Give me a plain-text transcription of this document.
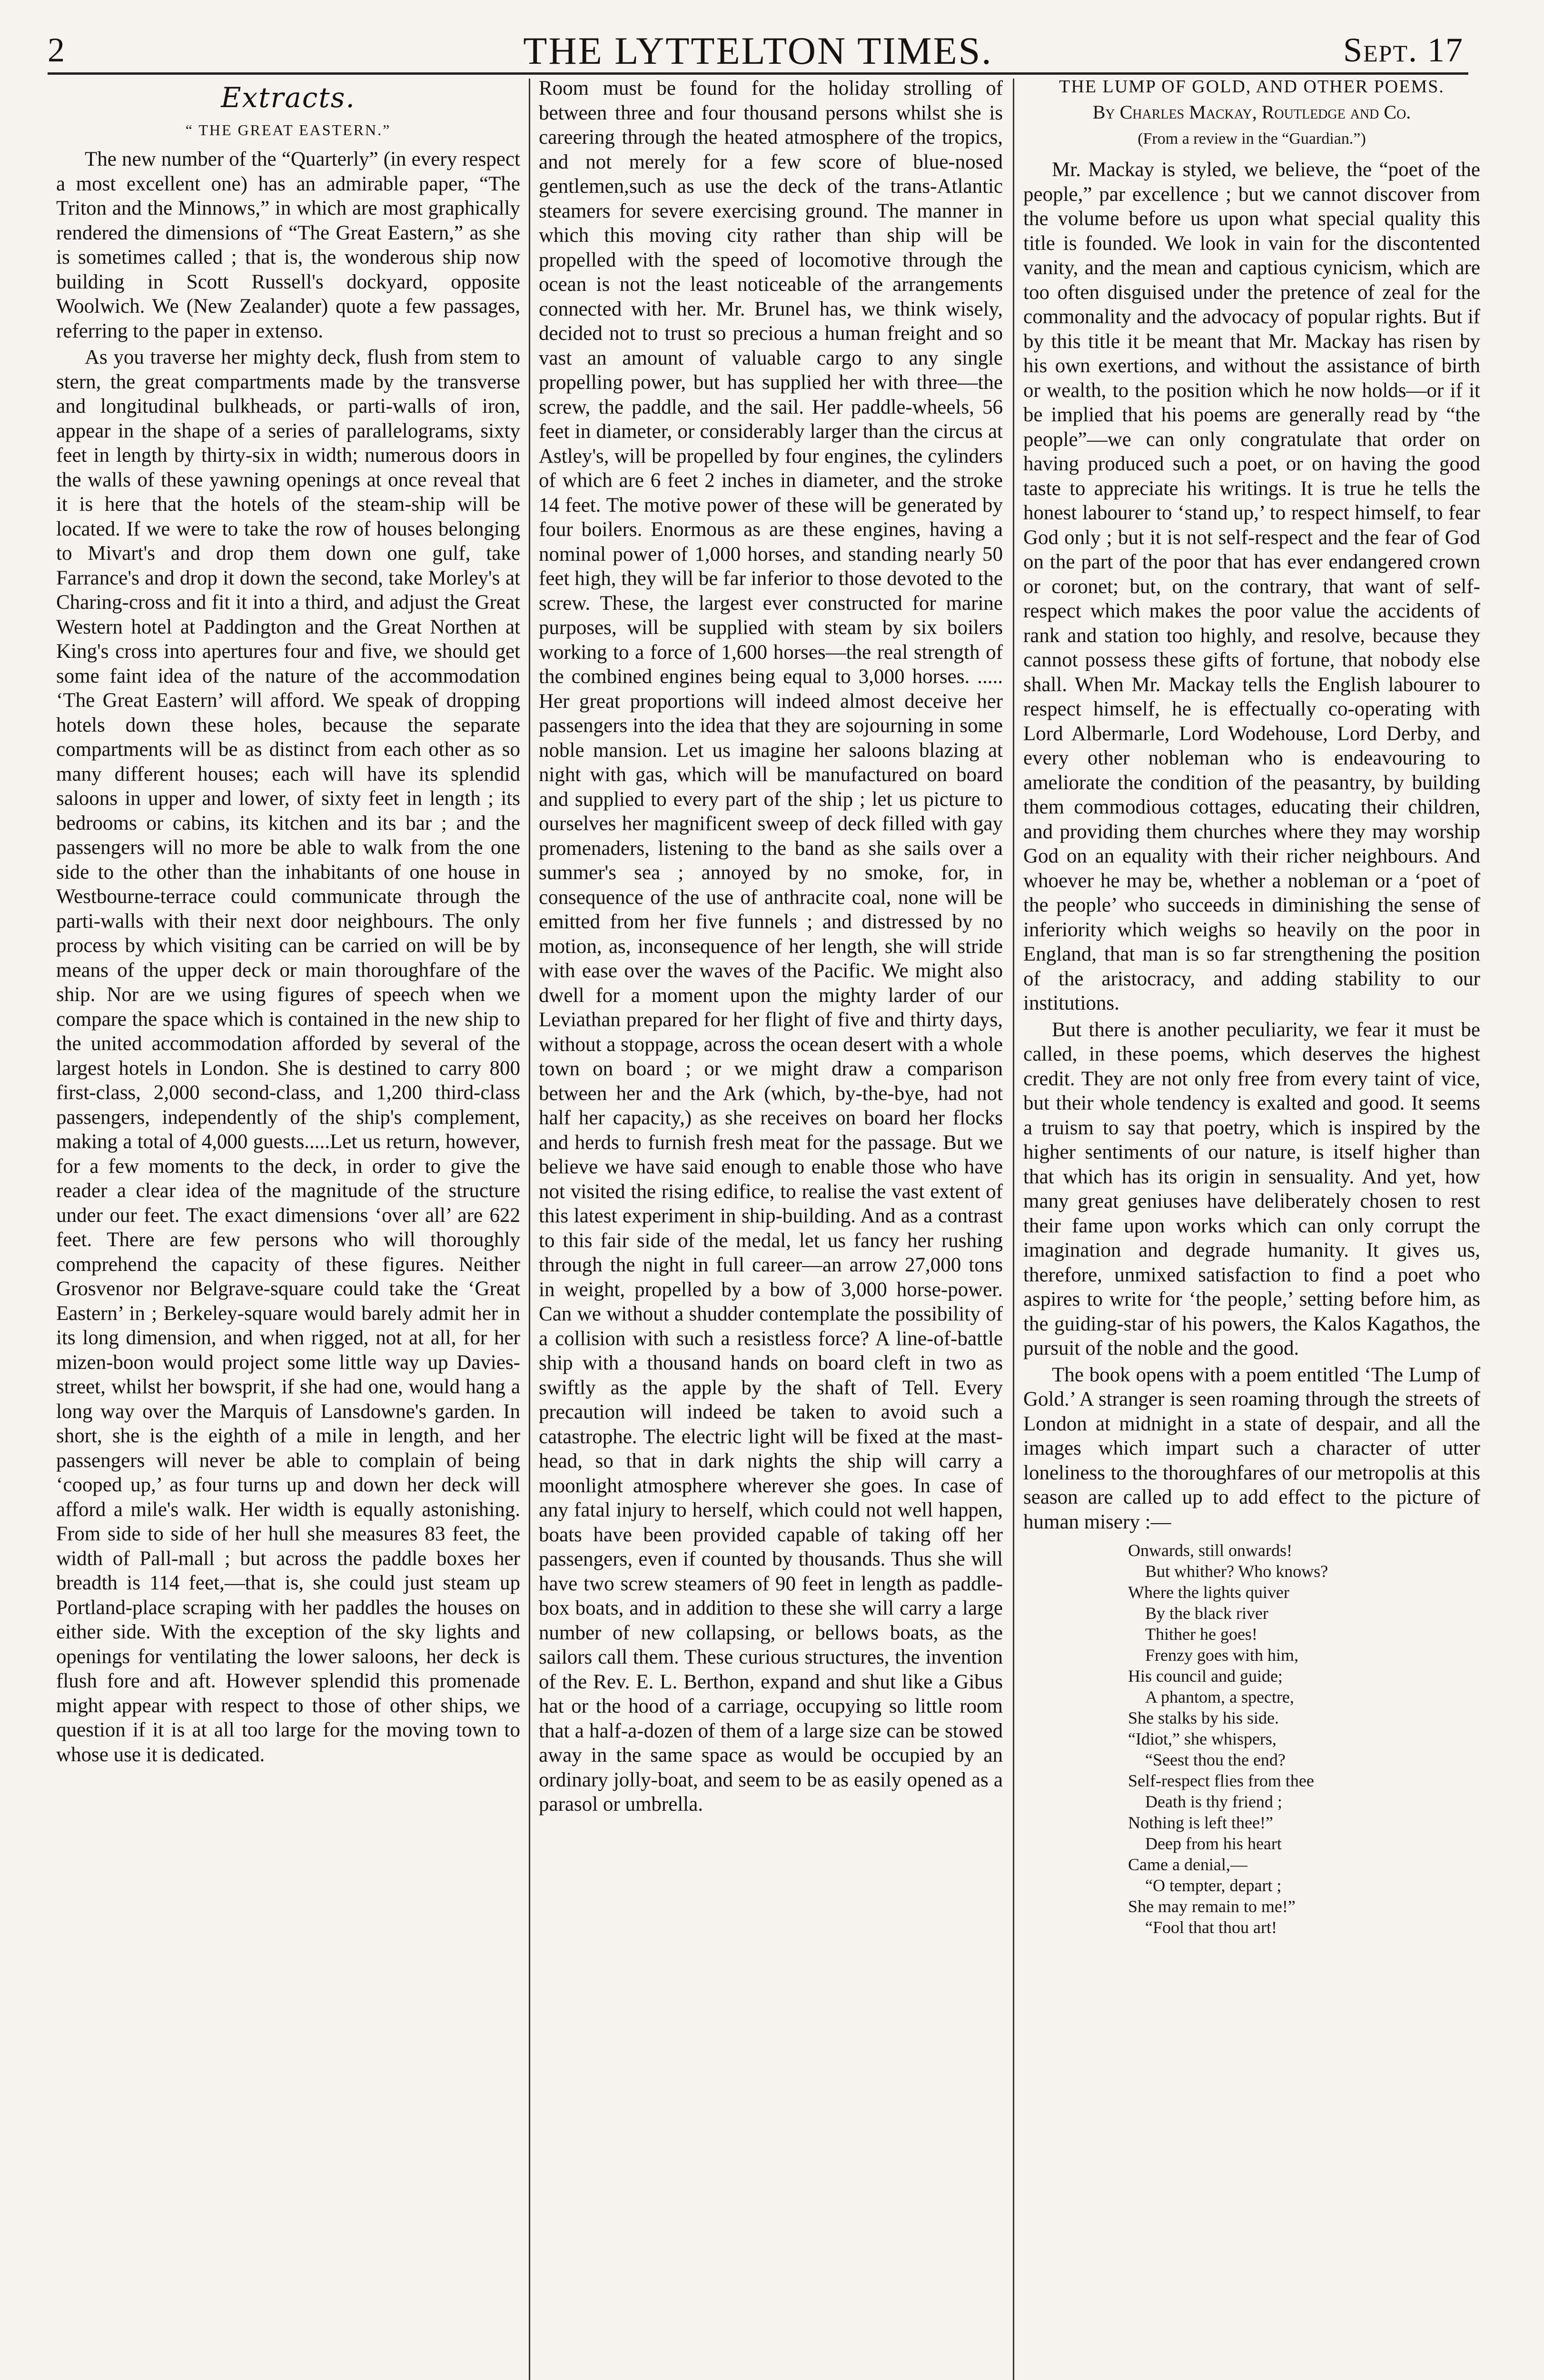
2	THE LYTTELTON TIMES.	Sept. 17
Extracts.
“ THE GREAT EASTERN.”

The new number of the “Quarterly” (in every respect a most excellent one) has an admirable paper, “The Triton and the Minnows,” in which are most graphically rendered the dimensions of “The Great Eastern,” as she is sometimes called ; that is, the wonderous ship now building in Scott Russell's dockyard, opposite Woolwich. We (New Zealander) quote a few passages, referring to the paper in extenso.

As you traverse her mighty deck, flush from stem to stern, the great compartments made by the transverse and longitudinal bulkheads, or parti-walls of iron, appear in the shape of a series of parallelograms, sixty feet in length by thirty-six in width; numerous doors in the walls of these yawning openings at once reveal that it is here that the hotels of the steam-ship will be located. If we were to take the row of houses belonging to Mivart's and drop them down one gulf, take Farrance's and drop it down the second, take Morley's at Charing-cross and fit it into a third, and adjust the Great Western hotel at Paddington and the Great Northen at King's cross into apertures four and five, we should get some faint idea of the nature of the accommodation ‘The Great Eastern’ will afford. We speak of dropping hotels down these holes, because the separate compartments will be as distinct from each other as so many different houses; each will have its splendid saloons in upper and lower, of sixty feet in length ; its bedrooms or cabins, its kitchen and its bar ; and the passengers will no more be able to walk from the one side to the other than the inhabitants of one house in Westbourne-terrace could communicate through the parti-walls with their next door neighbours. The only process by which visiting can be carried on will be by means of the upper deck or main thoroughfare of the ship. Nor are we using figures of speech when we compare the space which is contained in the new ship to the united accommodation afforded by several of the largest hotels in London. She is destined to carry 800 first-class, 2,000 second-class, and 1,200 third-class passengers, independently of the ship's complement, making a total of 4,000 guests.....Let us return, however, for a few moments to the deck, in order to give the reader a clear idea of the magnitude of the structure under our feet. The exact dimensions ‘over all’ are 622 feet. There are few persons who will thoroughly comprehend the capacity of these figures. Neither Grosvenor nor Belgrave-square could take the ‘Great Eastern’ in ; Berkeley-square would barely admit her in its long dimension, and when rigged, not at all, for her mizen-boon would project some little way up Davies-street, whilst her bowsprit, if she had one, would hang a long way over the Marquis of Lansdowne's garden. In short, she is the eighth of a mile in length, and her passengers will never be able to complain of being ‘cooped up,’ as four turns up and down her deck will afford a mile's walk. Her width is equally astonishing. From side to side of her hull she measures 83 feet, the width of Pall-mall ; but across the paddle boxes her breadth is 114 feet,—that is, she could just steam up Portland-place scraping with her paddles the houses on either side. With the exception of the sky lights and openings for ventilating the lower saloons, her deck is flush fore and aft. However splendid this promenade might appear with respect to those of other ships, we question if it is at all too large for the moving town to whose use it is dedicated.

Room must be found for the holiday strolling of between three and four thousand persons whilst she is careering through the heated atmosphere of the tropics, and not merely for a few score of blue-nosed gentlemen,such as use the deck of the trans-Atlantic steamers for severe exercising ground. The manner in which this moving city rather than ship will be propelled with the speed of locomotive through the ocean is not the least noticeable of the arrangements connected with her. Mr. Brunel has, we think wisely, decided not to trust so precious a human freight and so vast an amount of valuable cargo to any single propelling power, but has supplied her with three—the screw, the paddle, and the sail. Her paddle-wheels, 56 feet in diameter, or considerably larger than the circus at Astley's, will be propelled by four engines, the cylinders of which are 6 feet 2 inches in diameter, and the stroke 14 feet. The motive power of these will be generated by four boilers. Enormous as are these engines, having a nominal power of 1,000 horses, and standing nearly 50 feet high, they will be far inferior to those devoted to the screw. These, the largest ever constructed for marine purposes, will be supplied with steam by six boilers working to a force of 1,600 horses—the real strength of the combined engines being equal to 3,000 horses. ..... Her great proportions will indeed almost deceive her passengers into the idea that they are sojourning in some noble mansion. Let us imagine her saloons blazing at night with gas, which will be manufactured on board and supplied to every part of the ship ; let us picture to ourselves her magnificent sweep of deck filled with gay promenaders, listening to the band as she sails over a summer's sea ; annoyed by no smoke, for, in consequence of the use of anthracite coal, none will be emitted from her five funnels ; and distressed by no motion, as, inconsequence of her length, she will stride with ease over the waves of the Pacific. We might also dwell for a moment upon the mighty larder of our Leviathan prepared for her flight of five and thirty days, without a stoppage, across the ocean desert with a whole town on board ; or we might draw a comparison between her and the Ark (which, by-the-bye, had not half her capacity,) as she receives on board her flocks and herds to furnish fresh meat for the passage. But we believe we have said enough to enable those who have not visited the rising edifice, to realise the vast extent of this latest experiment in ship-building. And as a contrast to this fair side of the medal, let us fancy her rushing through the night in full career—an arrow 27,000 tons in weight, propelled by a bow of 3,000 horse-power. Can we without a shudder contemplate the possibility of a collision with such a resistless force? A line-of-battle ship with a thousand hands on board cleft in two as swiftly as the apple by the shaft of Tell. Every precaution will indeed be taken to avoid such a catastrophe. The electric light will be fixed at the mast-head, so that in dark nights the ship will carry a moonlight atmosphere wherever she goes. In case of any fatal injury to herself, which could not well happen, boats have been provided capable of taking off her passengers, even if counted by thousands. Thus she will have two screw steamers of 90 feet in length as paddle-box boats, and in addition to these she will carry a large number of new collapsing, or bellows boats, as the sailors call them. These curious structures, the invention of the Rev. E. L. Berthon, expand and shut like a Gibus hat or the hood of a carriage, occupying so little room that a half-a-dozen of them of a large size can be stowed away in the same space as would be occupied by an ordinary jolly-boat, and seem to be as easily opened as a parasol or umbrella.

THE LUMP OF GOLD, AND OTHER POEMS.
By Charles Mackay, Routledge and Co.
(From a review in the “Guardian.”)

Mr. Mackay is styled, we believe, the “poet of the people,” par excellence ; but we cannot discover from the volume before us upon what special quality this title is founded. We look in vain for the discontented vanity, and the mean and captious cynicism, which are too often disguised under the pretence of zeal for the commonality and the advocacy of popular rights. But if by this title it be meant that Mr. Mackay has risen by his own exertions, and without the assistance of birth or wealth, to the position which he now holds—or if it be implied that his poems are generally read by “the people”—we can only congratulate that order on having produced such a poet, or on having the good taste to appreciate his writings. It is true he tells the honest labourer to ‘stand up,’ to respect himself, to fear God only ; but it is not self-respect and the fear of God on the part of the poor that has ever endangered crown or coronet; but, on the contrary, that want of self-respect which makes the poor value the accidents of rank and station too highly, and resolve, because they cannot possess these gifts of fortune, that nobody else shall. When Mr. Mackay tells the English labourer to respect himself, he is effectually co-operating with Lord Albermarle, Lord Wodehouse, Lord Derby, and every other nobleman who is endeavouring to ameliorate the condition of the peasantry, by building them commodious cottages, educating their children, and providing them churches where they may worship God on an equality with their richer neighbours. And whoever he may be, whether a nobleman or a ‘poet of the people’ who succeeds in diminishing the sense of inferiority which weighs so heavily on the poor in England, that man is so far strengthening the position of the aristocracy, and adding stability to our institutions.

But there is another peculiarity, we fear it must be called, in these poems, which deserves the highest credit. They are not only free from every taint of vice, but their whole tendency is exalted and good. It seems a truism to say that poetry, which is inspired by the higher sentiments of our nature, is itself higher than that which has its origin in sensuality. And yet, how many great geniuses have deliberately chosen to rest their fame upon works which can only corrupt the imagination and degrade humanity. It gives us, therefore, unmixed satisfaction to find a poet who aspires to write for ‘the people,’ setting before him, as the guiding-star of his powers, the Kalos Kagathos, the pursuit of the noble and the good.

The book opens with a poem entitled ‘The Lump of Gold.’ A stranger is seen roaming through the streets of London at midnight in a state of despair, and all the images which impart such a character of utter loneliness to the thoroughfares of our metropolis at this season are called up to add effect to the picture of human misery :—

Onwards, still onwards!
But whither? Who knows?
Where the lights quiver
By the black river
Thither he goes!
Frenzy goes with him,
His council and guide;
A phantom, a spectre,
She stalks by his side.
“Idiot,” she whispers,
“Seest thou the end?
Self-respect flies from thee
Death is thy friend ;
Nothing is left thee!”
Deep from his heart
Came a denial,—
“O tempter, depart ;
She may remain to me!”
“Fool that thou art!
